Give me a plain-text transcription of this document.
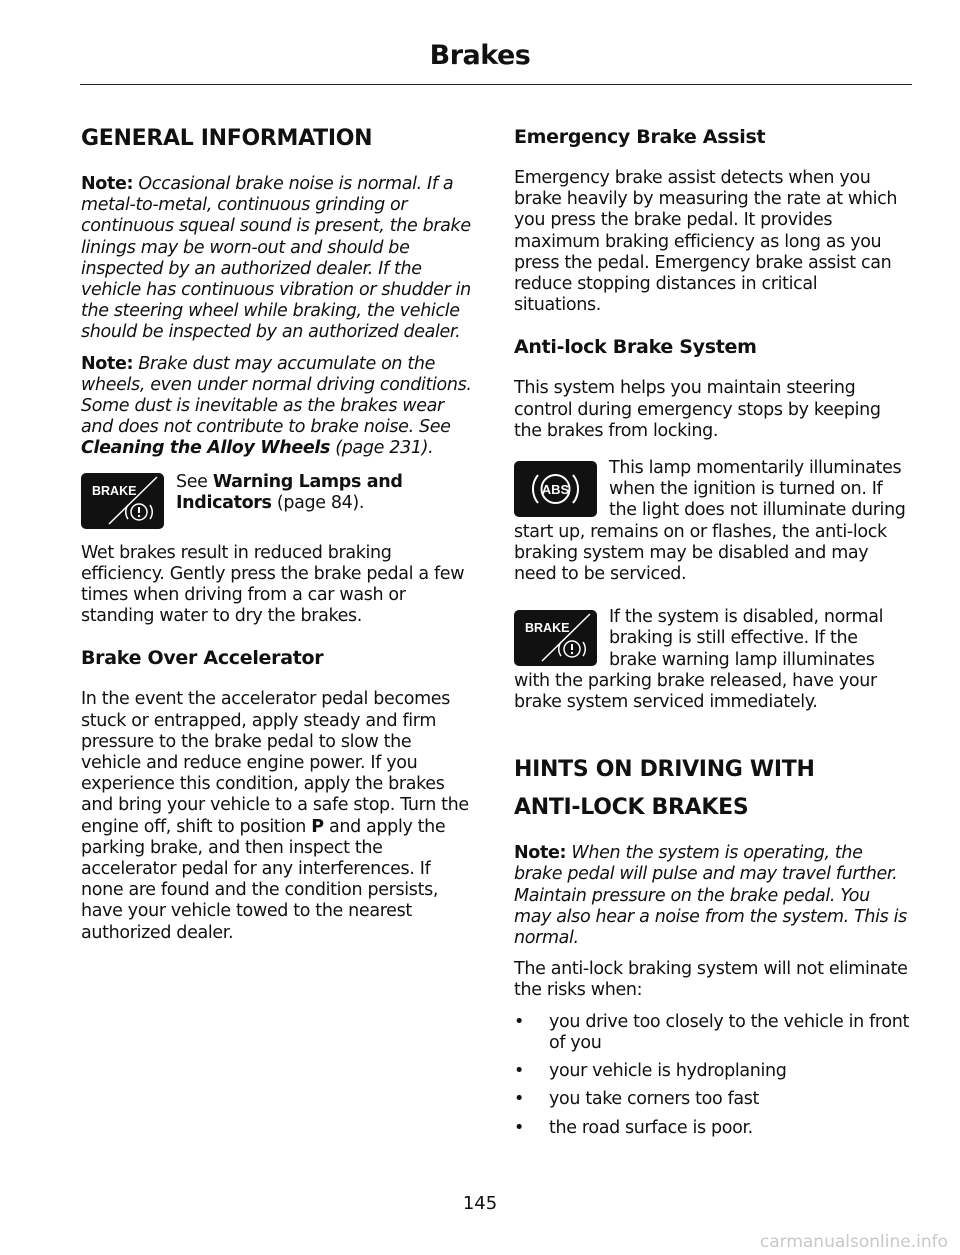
Brakes
GENERAL INFORMATION

Note: Occasional brake noise is normal. If a metal-to-metal, continuous grinding or continuous squeal sound is present, the brake linings may be worn-out and should be inspected by an authorized dealer. If the vehicle has continuous vibration or shudder in the steering wheel while braking, the vehicle should be inspected by an authorized dealer.

Note: Brake dust may accumulate on the wheels, even under normal driving conditions. Some dust is inevitable as the brakes wear and does not contribute to brake noise. See Cleaning the Alloy Wheels (page 231).

BRAKE	See Warning Lamps and Indicators (page 84).

Wet brakes result in reduced braking efficiency. Gently press the brake pedal a few times when driving from a car wash or standing water to dry the brakes.

Brake Over Accelerator

In the event the accelerator pedal becomes stuck or entrapped, apply steady and firm pressure to the brake pedal to slow the vehicle and reduce engine power. If you experience this condition, apply the brakes and bring your vehicle to a safe stop. Turn the engine off, shift to position P and apply the parking brake, and then inspect the accelerator pedal for any interferences. If none are found and the condition persists, have your vehicle towed to the nearest authorized dealer.

Emergency Brake Assist

Emergency brake assist detects when you brake heavily by measuring the rate at which you press the brake pedal. It provides maximum braking efficiency as long as you press the pedal. Emergency brake assist can reduce stopping distances in critical situations.

Anti-lock Brake System

This system helps you maintain steering control during emergency stops by keeping the brakes from locking.

ABS

This lamp momentarily illuminates when the ignition is turned on. If the light does not illuminate during start up, remains on or flashes, the anti-lock braking system may be disabled and may need to be serviced.

BRAKE

If the system is disabled, normal braking is still effective. If the brake warning lamp illuminates with the parking brake released, have your brake system serviced immediately.

HINTS ON DRIVING WITH
ANTI-LOCK BRAKES

Note: When the system is operating, the brake pedal will pulse and may travel further. Maintain pressure on the brake pedal. You may also hear a noise from the system. This is normal.

The anti-lock braking system will not eliminate the risks when:

• you drive too closely to the vehicle in front of you
• your vehicle is hydroplaning
• you take corners too fast
• the road surface is poor.
145
carmanualsonline.info
